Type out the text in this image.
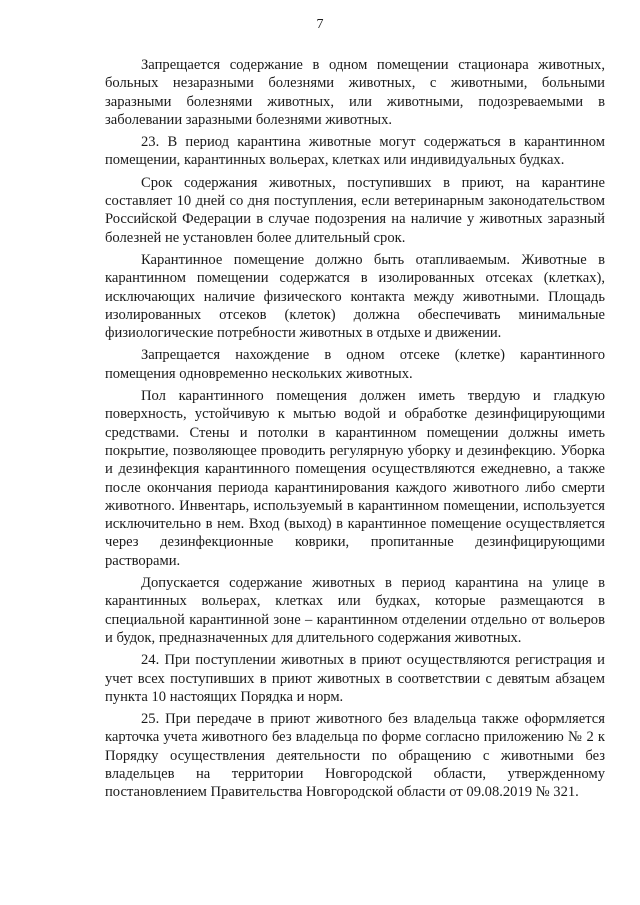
7

Запрещается содержание в одном помещении стационара животных, больных незаразными болезнями животных, с животными, больными заразными болезнями животных, или животными, подозреваемыми в заболевании заразными болезнями животных.

23. В период карантина животные могут содержаться в карантинном помещении, карантинных вольерах, клетках или индивидуальных будках.

Срок содержания животных, поступивших в приют, на карантине составляет 10 дней со дня поступления, если ветеринарным законодательством Российской Федерации в случае подозрения на наличие у животных заразный болезней не установлен более длительный срок.

Карантинное помещение должно быть отапливаемым. Животные в карантинном помещении содержатся в изолированных отсеках (клетках), исключающих наличие физического контакта между животными. Площадь изолированных отсеков (клеток) должна обеспечивать минимальные физиологические потребности животных в отдыхе и движении.

Запрещается нахождение в одном отсеке (клетке) карантинного помещения одновременно нескольких животных.

Пол карантинного помещения должен иметь твердую и гладкую поверхность, устойчивую к мытью водой и обработке дезинфицирующими средствами. Стены и потолки в карантинном помещении должны иметь покрытие, позволяющее проводить регулярную уборку и дезинфекцию. Уборка и дезинфекция карантинного помещения осуществляются ежедневно, а также после окончания периода карантинирования каждого животного либо смерти животного. Инвентарь, используемый в карантинном помещении, используется исключительно в нем. Вход (выход) в карантинное помещение осуществляется через дезинфекционные коврики, пропитанные дезинфицирующими растворами.

Допускается содержание животных в период карантина на улице в карантинных вольерах, клетках или будках, которые размещаются в специальной карантинной зоне – карантинном отделении отдельно от вольеров и будок, предназначенных для длительного содержания животных.

24. При поступлении животных в приют осуществляются регистрация и учет всех поступивших в приют животных в соответствии с девятым абзацем пункта 10 настоящих Порядка и норм.

25. При передаче в приют животного без владельца также оформляется карточка учета животного без владельца по форме согласно приложению № 2 к Порядку осуществления деятельности по обращению с животными без владельцев на территории Новгородской области, утвержденному постановлением Правительства Новгородской области от 09.08.2019 № 321.
